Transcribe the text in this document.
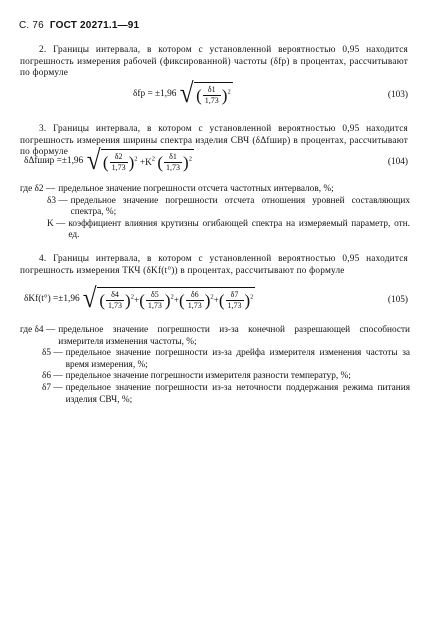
С. 76 ГОСТ 20271.1—91
2. Границы интервала, в котором с установленной вероятностью 0,95 находится погрешность измерения рабочей (фиксированной) частоты (δfp) в процентах, рассчитывают по формуле
δfp = ±1,96 √ ( $\frac{\delta 1}{1,73} )^2$	(103)
3. Границы интервала, в котором с установленной вероятностью 0,95 находится погрешность измерения ширины спектра изделия СВЧ (δΔfшир) в процентах, рассчитывают по формуле
δΔfшир =±1,96 √ ( $\frac{\delta 2}{1,73} )^2 +K^2$ ( $\frac{\delta 1}{1,73} )^2$	(104)
где δ2 — предельное значение погрешности отсчета частотных интервалов, %;
δ3 — предельное значение погрешности отсчета отношения уровней составляющих спектра, %;
K — коэффициент влияния крутизны огибающей спектра на измеряемый параметр, отн. ед.
4. Границы интервала, в котором с установленной вероятностью 0,95 находится погрешность измерения ТКЧ (δKf(t°)) в процентах, рассчитывают по формуле
δKf(t°) =±1,96 √ ( $\frac{\delta 4}{1,73} )^2+( \frac{\delta 5}{1,73} )^2+( \frac{\delta 6}{1,73} )^2+( \frac{\delta 7}{1,73} )^2$	(105)
где δ4 — предельное значение погрешности из-за конечной разрешающей способности измерителя изменения частоты, %;
δ5 — предельное значение погрешности из-за дрейфа измерителя изменения частоты за время измерения, %;
δ6 — предельное значение погрешности измерителя разности температур, %;
δ7 — предельное значение погрешности из-за неточности поддержания режима питания изделия СВЧ, %;
